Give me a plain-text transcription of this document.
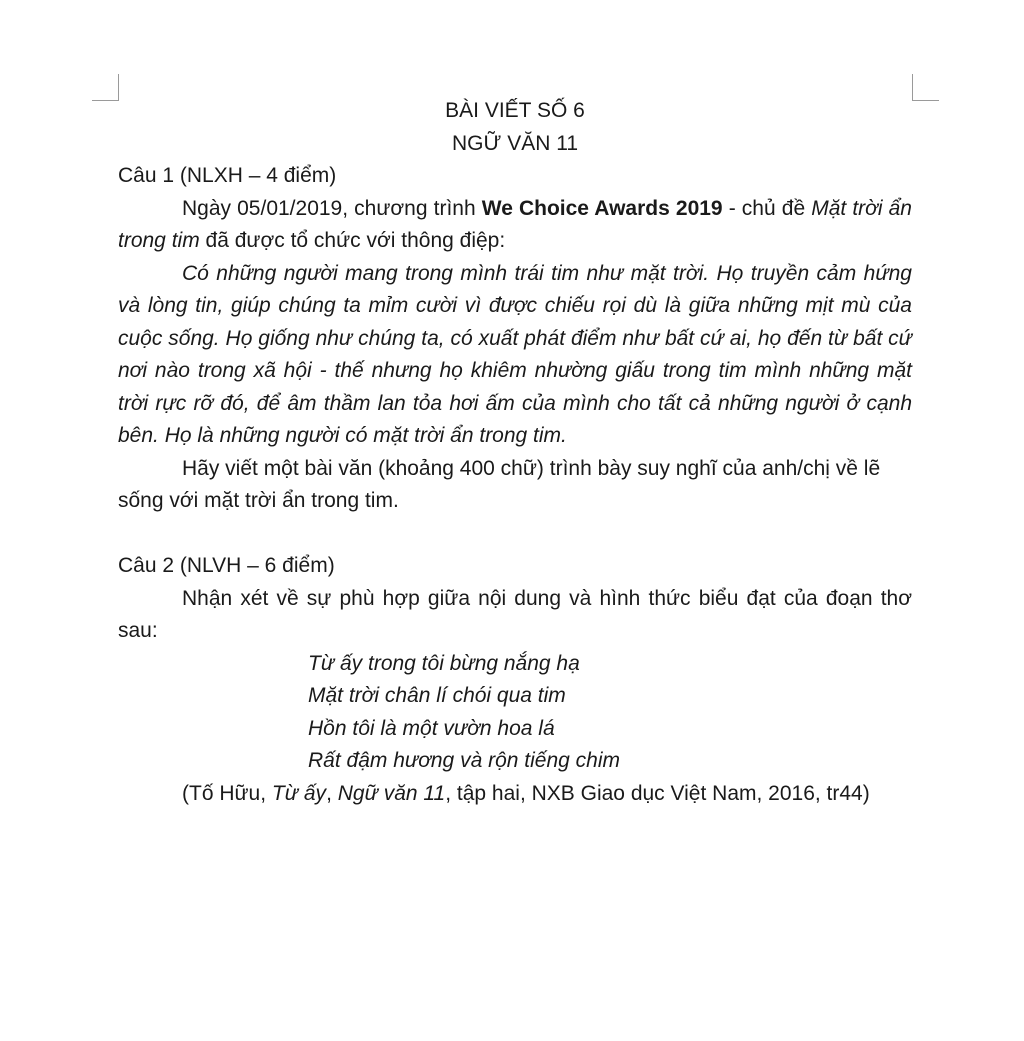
BÀI VIẾT SỐ 6

NGỮ VĂN 11

Câu 1 (NLXH – 4 điểm)

Ngày 05/01/2019, chương trình We Choice Awards 2019 - chủ đề Mặt trời ẩn trong tim đã được tổ chức với thông điệp:

Có những người mang trong mình trái tim như mặt trời. Họ truyền cảm hứng và lòng tin, giúp chúng ta mỉm cười vì được chiếu rọi dù là giữa những mịt mù của cuộc sống. Họ giống như chúng ta, có xuất phát điểm như bất cứ ai, họ đến từ bất cứ nơi nào trong xã hội - thế nhưng họ khiêm nhường giấu trong tim mình những mặt trời rực rỡ đó, để âm thầm lan tỏa hơi ấm của mình cho tất cả những người ở cạnh bên. Họ là những người có mặt trời ẩn trong tim.

Hãy viết một bài văn (khoảng 400 chữ) trình bày suy nghĩ của anh/chị về lẽ sống với mặt trời ẩn trong tim.

Câu 2 (NLVH – 6 điểm)

Nhận xét về sự phù hợp giữa nội dung và hình thức biểu đạt của đoạn thơ sau:

Từ ấy trong tôi bừng nắng hạ

Mặt trời chân lí chói qua tim

Hồn tôi là một vườn hoa lá

Rất đậm hương và rộn tiếng chim

(Tố Hữu, Từ ấy, Ngữ văn 11, tập hai, NXB Giao dục Việt Nam, 2016, tr44)
